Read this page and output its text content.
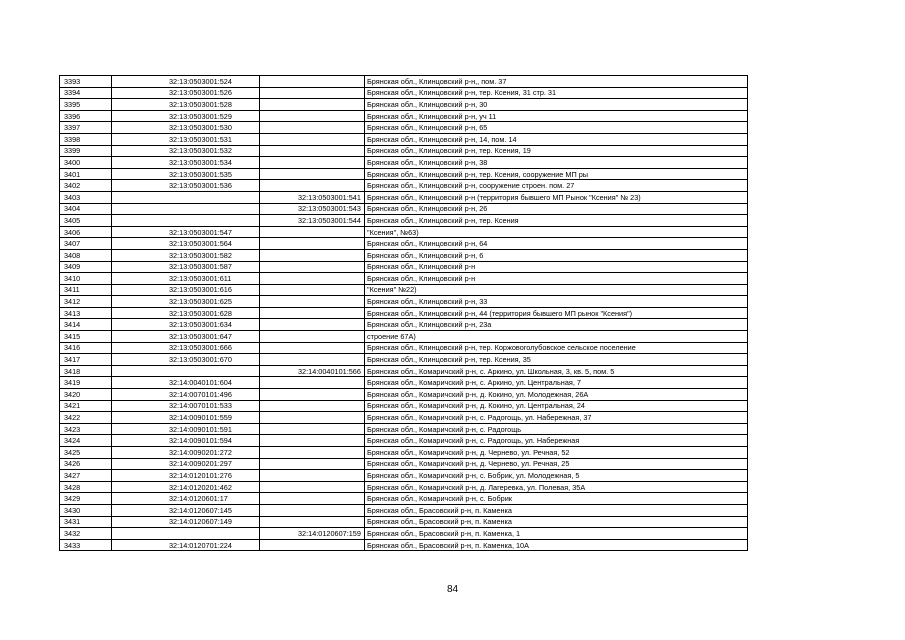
3393	32:13:0503001:524		Брянская обл., Клинцовский р-н,, пом. 37
3394	32:13:0503001:526		Брянская обл., Клинцовский р-н, тер. Ксения, 31 стр. 31
3395	32:13:0503001:528		Брянская обл., Клинцовский р-н, 30
3396	32:13:0503001:529		Брянская обл., Клинцовский р-н, уч 11
3397	32:13:0503001:530		Брянская обл., Клинцовский р-н, 65
3398	32:13:0503001:531		Брянская обл., Клинцовский р-н, 14, пом. 14
3399	32:13:0503001:532		Брянская обл., Клинцовский р-н, тер. Ксения, 19
3400	32:13:0503001:534		Брянская обл., Клинцовский р-н, 38
3401	32:13:0503001:535		Брянская обл., Клинцовский р-н, тер. Ксения, сооружение МП ры
3402	32:13:0503001:536		Брянская обл., Клинцовский р-н, сооружение строен. пом. 27
3403		32:13:0503001:541	Брянская обл., Клинцовский р-н (территория бывшего МП Рынок "Ксения" № 23)
3404		32:13:0503001:543	Брянская обл., Клинцовский р-н, 26
3405		32:13:0503001:544	Брянская обл., Клинцовский р-н, тер. Ксения
3406	32:13:0503001:547		"Ксения", №63)
3407	32:13:0503001:564		Брянская обл., Клинцовский р-н, 64
3408	32:13:0503001:582		Брянская обл., Клинцовский р-н, 6
3409	32:13:0503001:587		Брянская обл., Клинцовский р-н
3410	32:13:0503001:611		Брянская обл., Клинцовский р-н
3411	32:13:0503001:616		"Ксения" №22)
3412	32:13:0503001:625		Брянская обл., Клинцовский р-н, 33
3413	32:13:0503001:628		Брянская обл., Клинцовский р-н, 44 (территория бывшего МП рынок "Ксения")
3414	32:13:0503001:634		Брянская обл., Клинцовский р-н, 23а
3415	32:13:0503001:647		строение 67А)
3416	32:13:0503001:666		Брянская обл., Клинцовский р-н, тер. Коржовоголубовское сельское поселение
3417	32:13:0503001:670		Брянская обл., Клинцовский р-н, тер. Ксения, 35
3418		32:14:0040101:566	Брянская обл., Комаричский р-н, с. Аркино, ул. Школьная, 3, кв. 5, пом. 5
3419	32:14:0040101:604		Брянская обл., Комаричский р-н, с. Аркино, ул. Центральная, 7
3420	32:14:0070101:496		Брянская обл., Комаричский р-н, д. Кокино, ул. Молодежная, 26А
3421	32:14:0070101:533		Брянская обл., Комаричский р-н, д. Кокино, ул. Центральная, 24
3422	32:14:0090101:559		Брянская обл., Комаричский р-н, с. Радогощь, ул. Набережная, 37
3423	32:14:0090101:591		Брянская обл., Комаричский р-н, с. Радогощь
3424	32:14:0090101:594		Брянская обл., Комаричский р-н, с. Радогощь, ул. Набережная
3425	32:14:0090201:272		Брянская обл., Комаричский р-н, д. Черневo, ул. Речная, 52
3426	32:14:0090201:297		Брянская обл., Комаричский р-н, д. Чернево, ул. Речная, 25
3427	32:14:0120101:276		Брянская обл., Комаричский р-н, с. Бобрик, ул. Молодежная, 5
3428	32:14:0120201:462		Брянская обл., Комаричский р-н, д. Лагеревка, ул. Полевая, 35А
3429	32:14:0120601:17		Брянская обл., Комаричский р-н, с. Бобрик
3430	32:14:0120607:145		Брянская обл., Брасовский р-н, п. Каменка
3431	32:14:0120607:149		Брянская обл., Брасовский р-н, п. Каменка
3432		32:14:0120607:159	Брянская обл., Брасовский р-н, п. Каменка, 1
3433	32:14:0120701:224		Брянская обл., Брасовский р-н, п. Каменка, 10А
84
